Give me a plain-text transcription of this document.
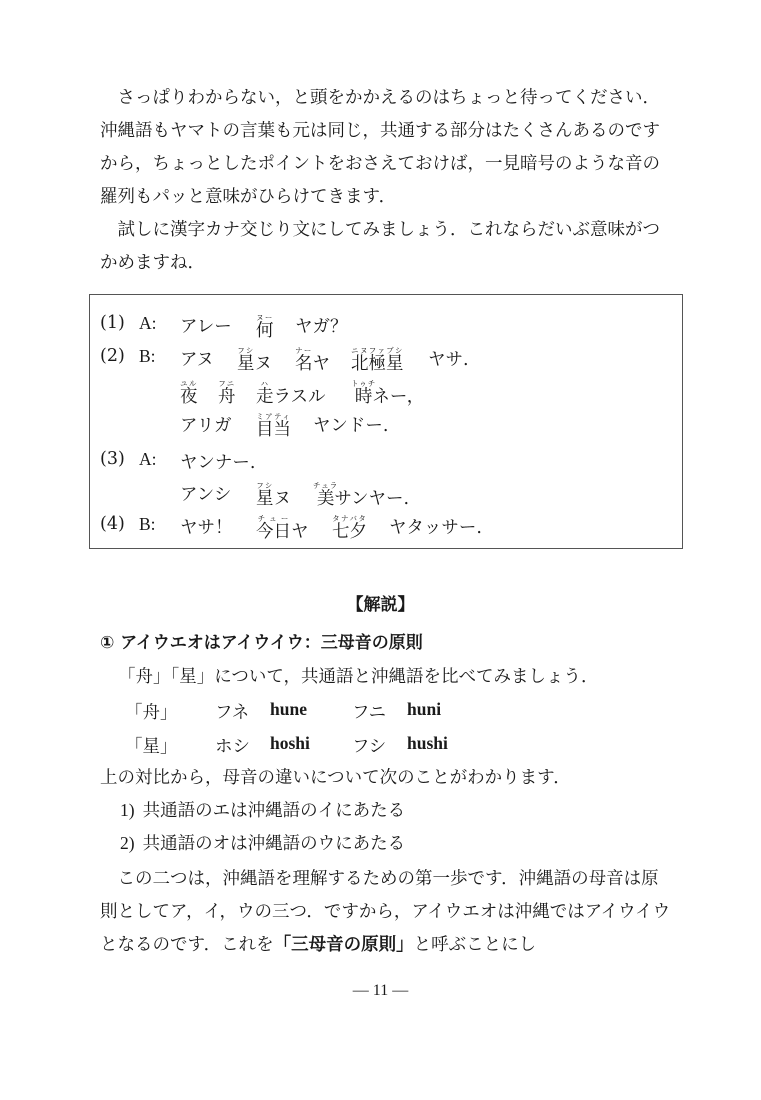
さっぱりわからない，と頭をかかえるのはちょっと待ってください．沖縄語もヤマトの言葉も元は同じ，共通する部分はたくさんあるのですから，ちょっとしたポイントをおさえておけば，一見暗号のような音の羅列もパッと意味がひらけてきます．

試しに漢字カナ交じり文にしてみましょう．これならだいぶ意味がつかめますね．

(1) A: アレー 何ヌー ヤガ？
(2) B: アヌ 星フシヌ 名ナーヤ 北極星ニヌファブシ ヤサ.
夜ユル
舟フニ
走ハラスル 時トゥチネー，
アリガ 目当ミアティ ヤンドー.
(3) A: ヤンナー.
アンシ 星フシヌ 美チュラサンヤー.
(4) B: ヤサ！ 今日チューヤ 七夕タナバタ ヤタッサー.
【解説】
① アイウエオはアイウイウ：三母音の原則
「舟」「星」について，共通語と沖縄語を比べてみましょう．
「舟」 フネ hune	フニ huni
「星」 ホシ hoshi フシ hushi
上の対比から，母音の違いについて次のことがわかります．
1) 共通語のエは沖縄語のイにあたる
2) 共通語のオは沖縄語のウにあたる

この二つは，沖縄語を理解するための第一歩です．沖縄語の母音は原則としてア，イ，ウの三つ．ですから，アイウエオは沖縄ではアイウイウとなるのです．これを「三母音の原則」と呼ぶことにし

— 11 —
